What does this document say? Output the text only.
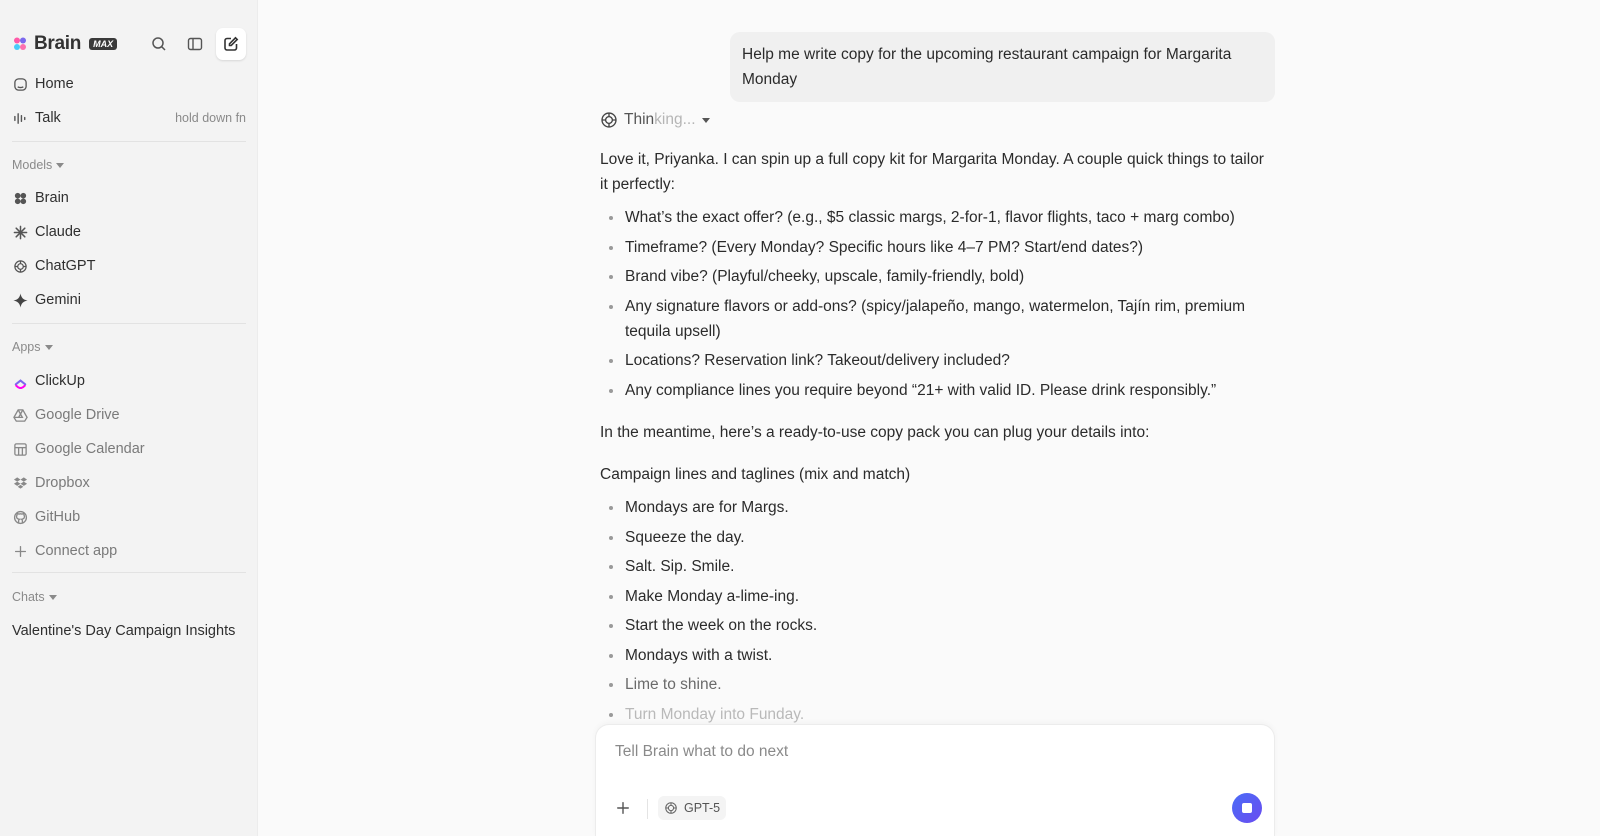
Brain	MAX
Home
Talk	hold down fn
Models
Brain
Claude
ChatGPT
Gemini
Apps
ClickUp
Google Drive
Google Calendar
Dropbox
GitHub
Connect app
Chats
Valentine's Day Campaign Insights
Help me write copy for the upcoming restaurant campaign for Margarita Monday
Thinking...

Love it, Priyanka. I can spin up a full copy kit for Margarita Monday. A couple quick things to tailor it perfectly:

What’s the exact offer? (e.g., $5 classic margs, 2-for-1, flavor flights, taco + marg combo)
Timeframe? (Every Monday? Specific hours like 4–7 PM? Start/end dates?)
Brand vibe? (Playful/cheeky, upscale, family-friendly, bold)
Any signature flavors or add-ons? (spicy/jalapeño, mango, watermelon, Tajín rim, premium tequila upsell)
Locations? Reservation link? Takeout/delivery included?
Any compliance lines you require beyond “21+ with valid ID. Please drink responsibly.”

In the meantime, here’s a ready-to-use copy pack you can plug your details into:

Campaign lines and taglines (mix and match)

Mondays are for Margs.
Squeeze the day.
Salt. Sip. Smile.
Make Monday a-lime-ing.
Start the week on the rocks.
Mondays with a twist.
Lime to shine.
Turn Monday into Funday.
Tell Brain what to do next
GPT-5
